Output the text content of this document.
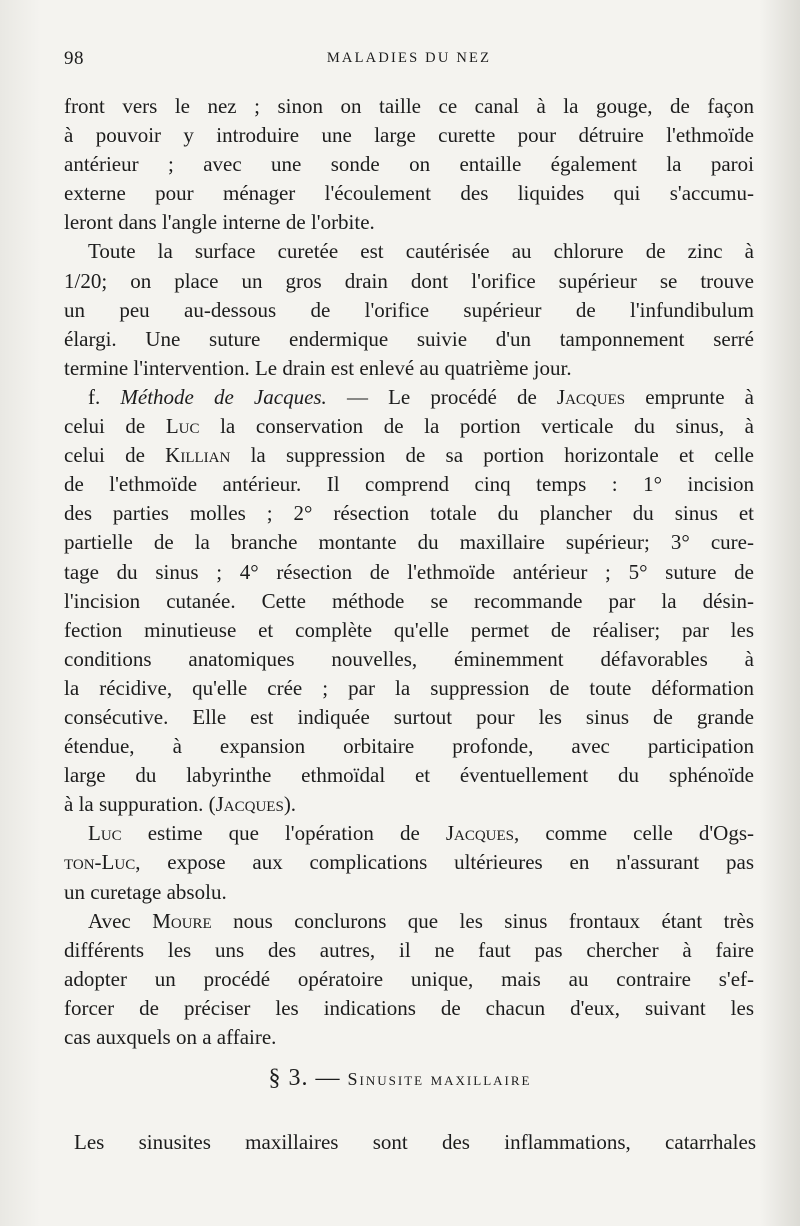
98	MALADIES DU NEZ
front vers le nez ; sinon on taille ce canal à la gouge, de façon
à pouvoir y introduire une large curette pour détruire l'ethmoïde
antérieur ; avec une sonde on entaille également la paroi
externe pour ménager l'écoulement des liquides qui s'accumu-
leront dans l'angle interne de l'orbite.
Toute la surface curetée est cautérisée au chlorure de zinc à
1/20; on place un gros drain dont l'orifice supérieur se trouve
un peu au-dessous de l'orifice supérieur de l'infundibulum
élargi. Une suture endermique suivie d'un tamponnement serré
termine l'intervention. Le drain est enlevé au quatrième jour.
f. Méthode de Jacques. — Le procédé de Jacques emprunte à
celui de Luc la conservation de la portion verticale du sinus, à
celui de Killian la suppression de sa portion horizontale et celle
de l'ethmoïde antérieur. Il comprend cinq temps : 1° incision
des parties molles ; 2° résection totale du plancher du sinus et
partielle de la branche montante du maxillaire supérieur; 3° cure-
tage du sinus ; 4° résection de l'ethmoïde antérieur ; 5° suture de
l'incision cutanée. Cette méthode se recommande par la désin-
fection minutieuse et complète qu'elle permet de réaliser; par les
conditions anatomiques nouvelles, éminemment défavorables à
la récidive, qu'elle crée ; par la suppression de toute déformation
consécutive. Elle est indiquée surtout pour les sinus de grande
étendue, à expansion orbitaire profonde, avec participation
large du labyrinthe ethmoïdal et éventuellement du sphénoïde
à la suppuration. (Jacques).
Luc estime que l'opération de Jacques, comme celle d'Ogs-
ton-Luc, expose aux complications ultérieures en n'assurant pas
un curetage absolu.
Avec Moure nous conclurons que les sinus frontaux étant très
différents les uns des autres, il ne faut pas chercher à faire
adopter un procédé opératoire unique, mais au contraire s'ef-
forcer de préciser les indications de chacun d'eux, suivant les
cas auxquels on a affaire.
§ 3. — Sinusite maxillaire
Les sinusites maxillaires sont des inflammations, catarrhales
